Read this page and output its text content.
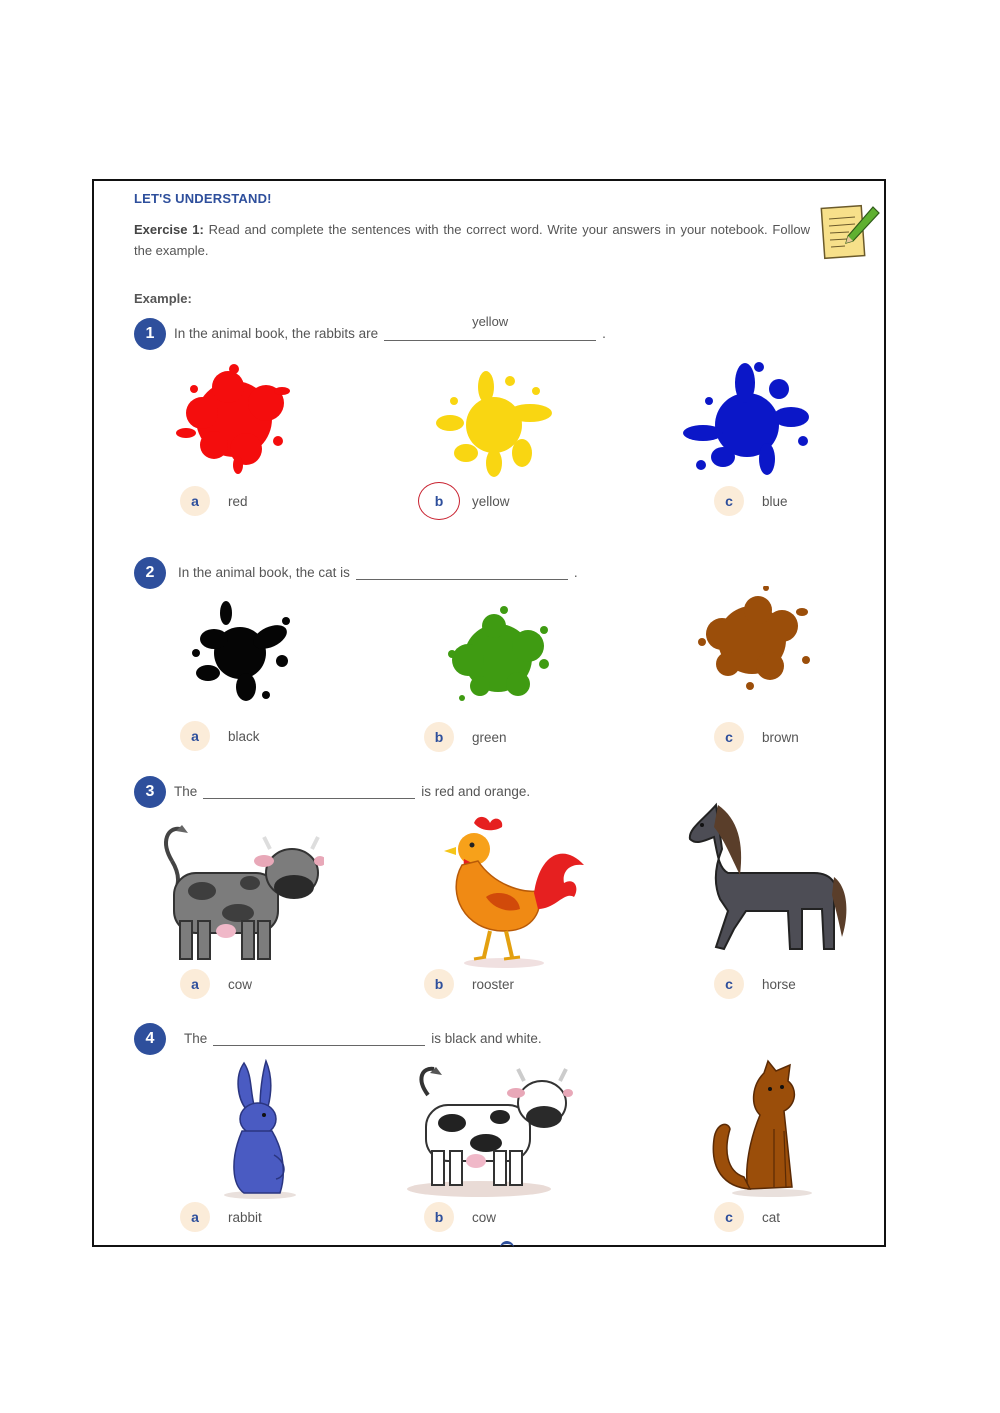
LET'S UNDERSTAND!
Exercise 1: Read and complete the sentences with the correct word. Write your answers in your notebook. Follow the example.
Example:
1	In the animal book, the rabbits are
yellow
.
a	red	b	yellow	c	blue
2	In the animal book, the cat is	.
a	black	b	green	c	brown
3	The	is red and orange.
a	cow	b	rooster	c	horse
4	The	is black and white.
a	rabbit	b	cow	c	cat
